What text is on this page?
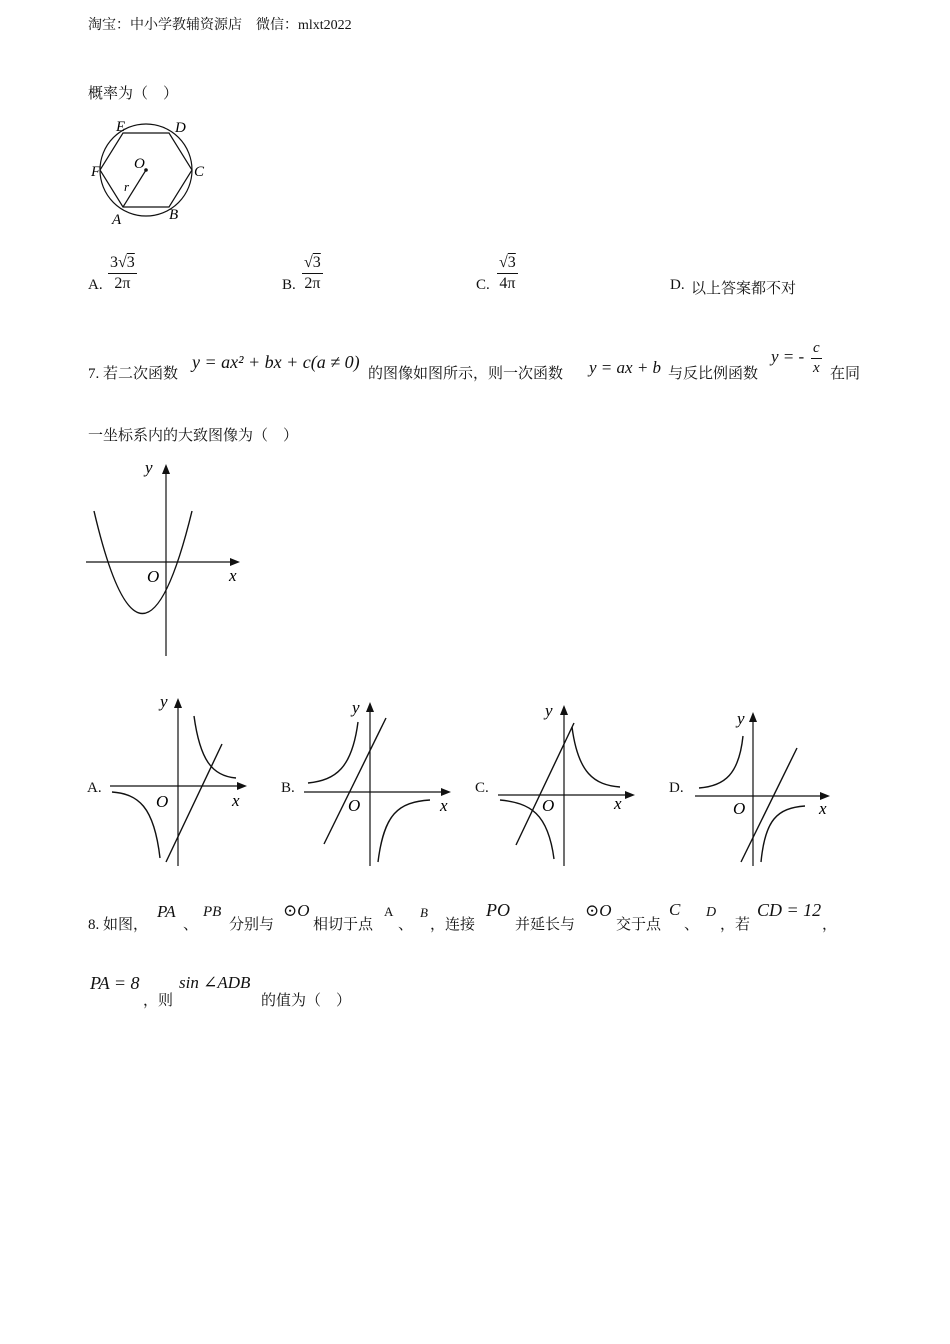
淘宝：中小学教辅资源店    微信：mlxt2022
概率为（    ）
E	D
F	C
O
r
A	B
A.
3√3
2π	B.
√3
2π	C.
√3
4π	D. 以上答案都不对
7. 若二次函数
y = ax² + bx + c(a ≠ 0)
的图像如图所示，则一次函数 y = ax + b 与反比例函数
y = - c
x 在同
一坐标系内的大致图像为（    ）
y
x
O
A.
y
x
O
B.
y
x
O
C.
y
x
O
D.
y
x
O
8. 如图，
PA
、
PB
分别与
⊙O
相切于点
A
、
B
，连接
PO
并延长与
⊙O
交于点
C
、
D
，若
CD = 12
，
PA = 8
，则
sin ∠ADB
的值为（    ）
